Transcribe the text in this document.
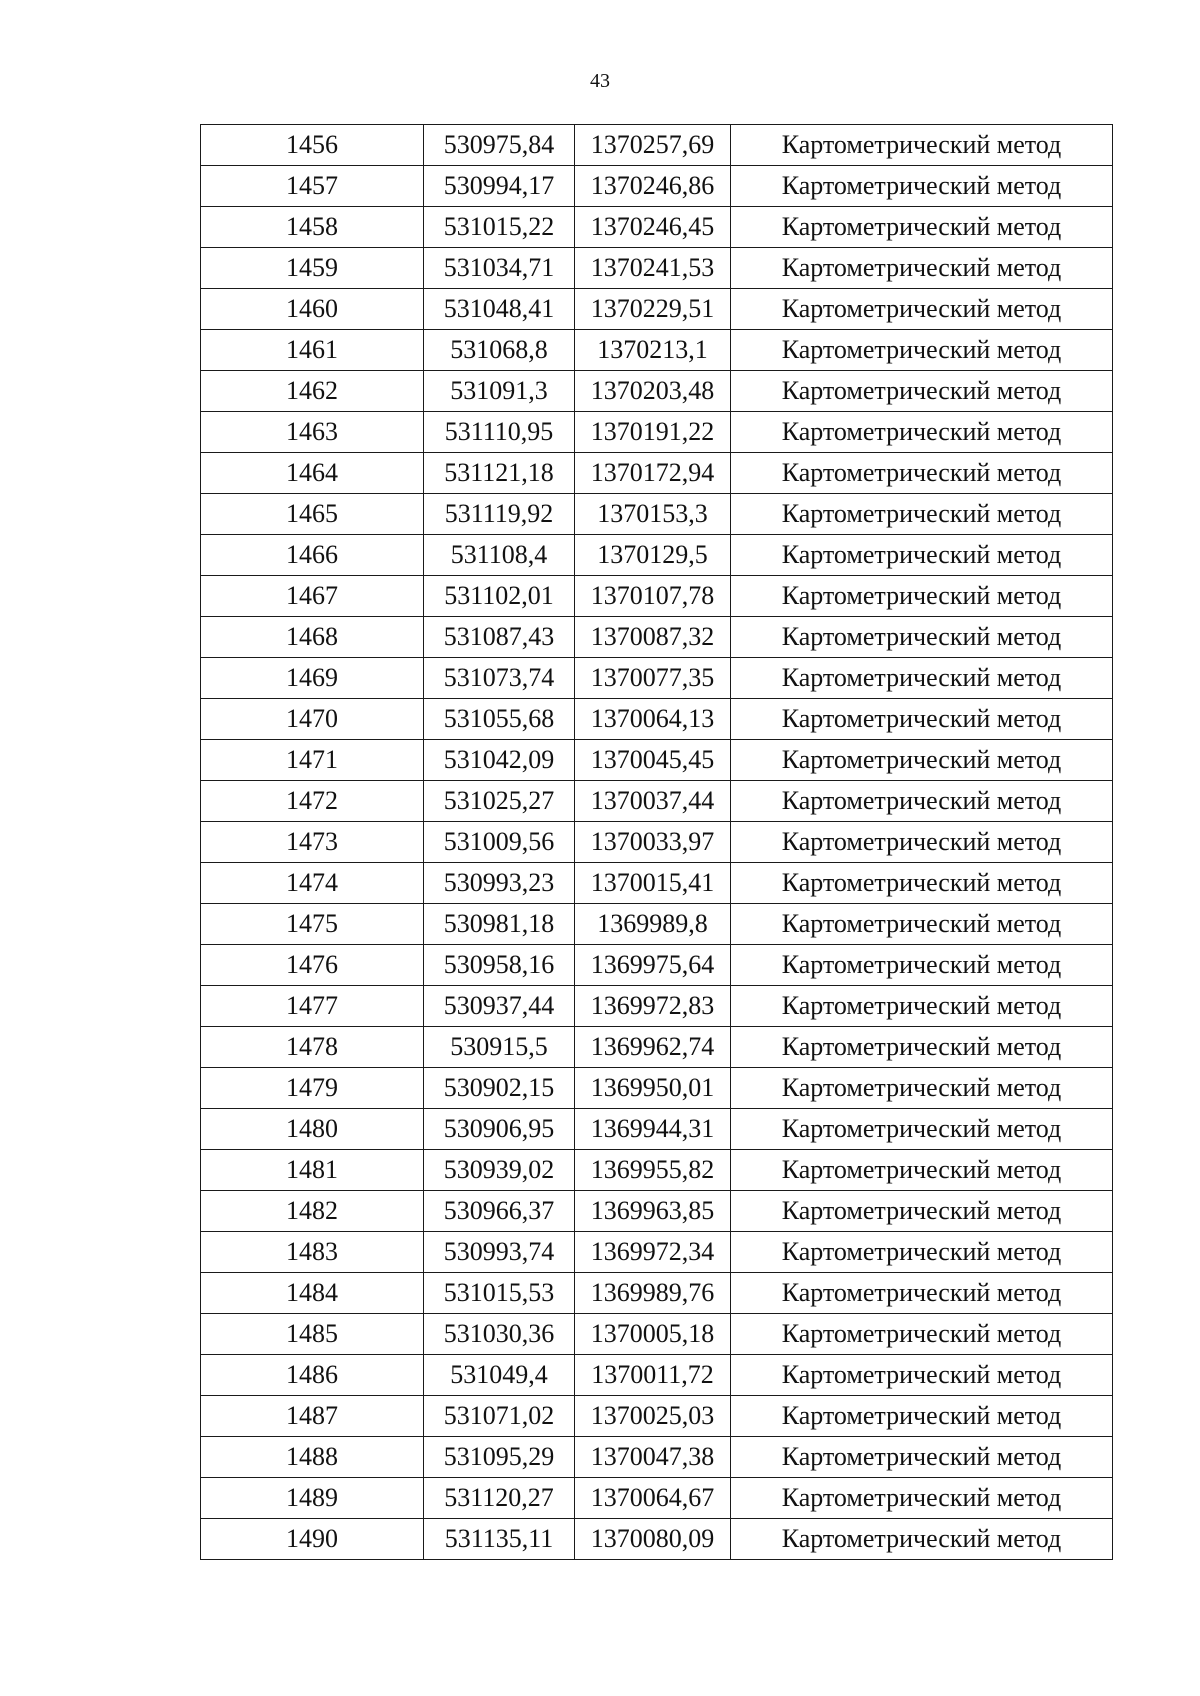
43
1456	530975,84	1370257,69	Картометрический метод
1457	530994,17	1370246,86	Картометрический метод
1458	531015,22	1370246,45	Картометрический метод
1459	531034,71	1370241,53	Картометрический метод
1460	531048,41	1370229,51	Картометрический метод
1461	531068,8	1370213,1	Картометрический метод
1462	531091,3	1370203,48	Картометрический метод
1463	531110,95	1370191,22	Картометрический метод
1464	531121,18	1370172,94	Картометрический метод
1465	531119,92	1370153,3	Картометрический метод
1466	531108,4	1370129,5	Картометрический метод
1467	531102,01	1370107,78	Картометрический метод
1468	531087,43	1370087,32	Картометрический метод
1469	531073,74	1370077,35	Картометрический метод
1470	531055,68	1370064,13	Картометрический метод
1471	531042,09	1370045,45	Картометрический метод
1472	531025,27	1370037,44	Картометрический метод
1473	531009,56	1370033,97	Картометрический метод
1474	530993,23	1370015,41	Картометрический метод
1475	530981,18	1369989,8	Картометрический метод
1476	530958,16	1369975,64	Картометрический метод
1477	530937,44	1369972,83	Картометрический метод
1478	530915,5	1369962,74	Картометрический метод
1479	530902,15	1369950,01	Картометрический метод
1480	530906,95	1369944,31	Картометрический метод
1481	530939,02	1369955,82	Картометрический метод
1482	530966,37	1369963,85	Картометрический метод
1483	530993,74	1369972,34	Картометрический метод
1484	531015,53	1369989,76	Картометрический метод
1485	531030,36	1370005,18	Картометрический метод
1486	531049,4	1370011,72	Картометрический метод
1487	531071,02	1370025,03	Картометрический метод
1488	531095,29	1370047,38	Картометрический метод
1489	531120,27	1370064,67	Картометрический метод
1490	531135,11	1370080,09	Картометрический метод
